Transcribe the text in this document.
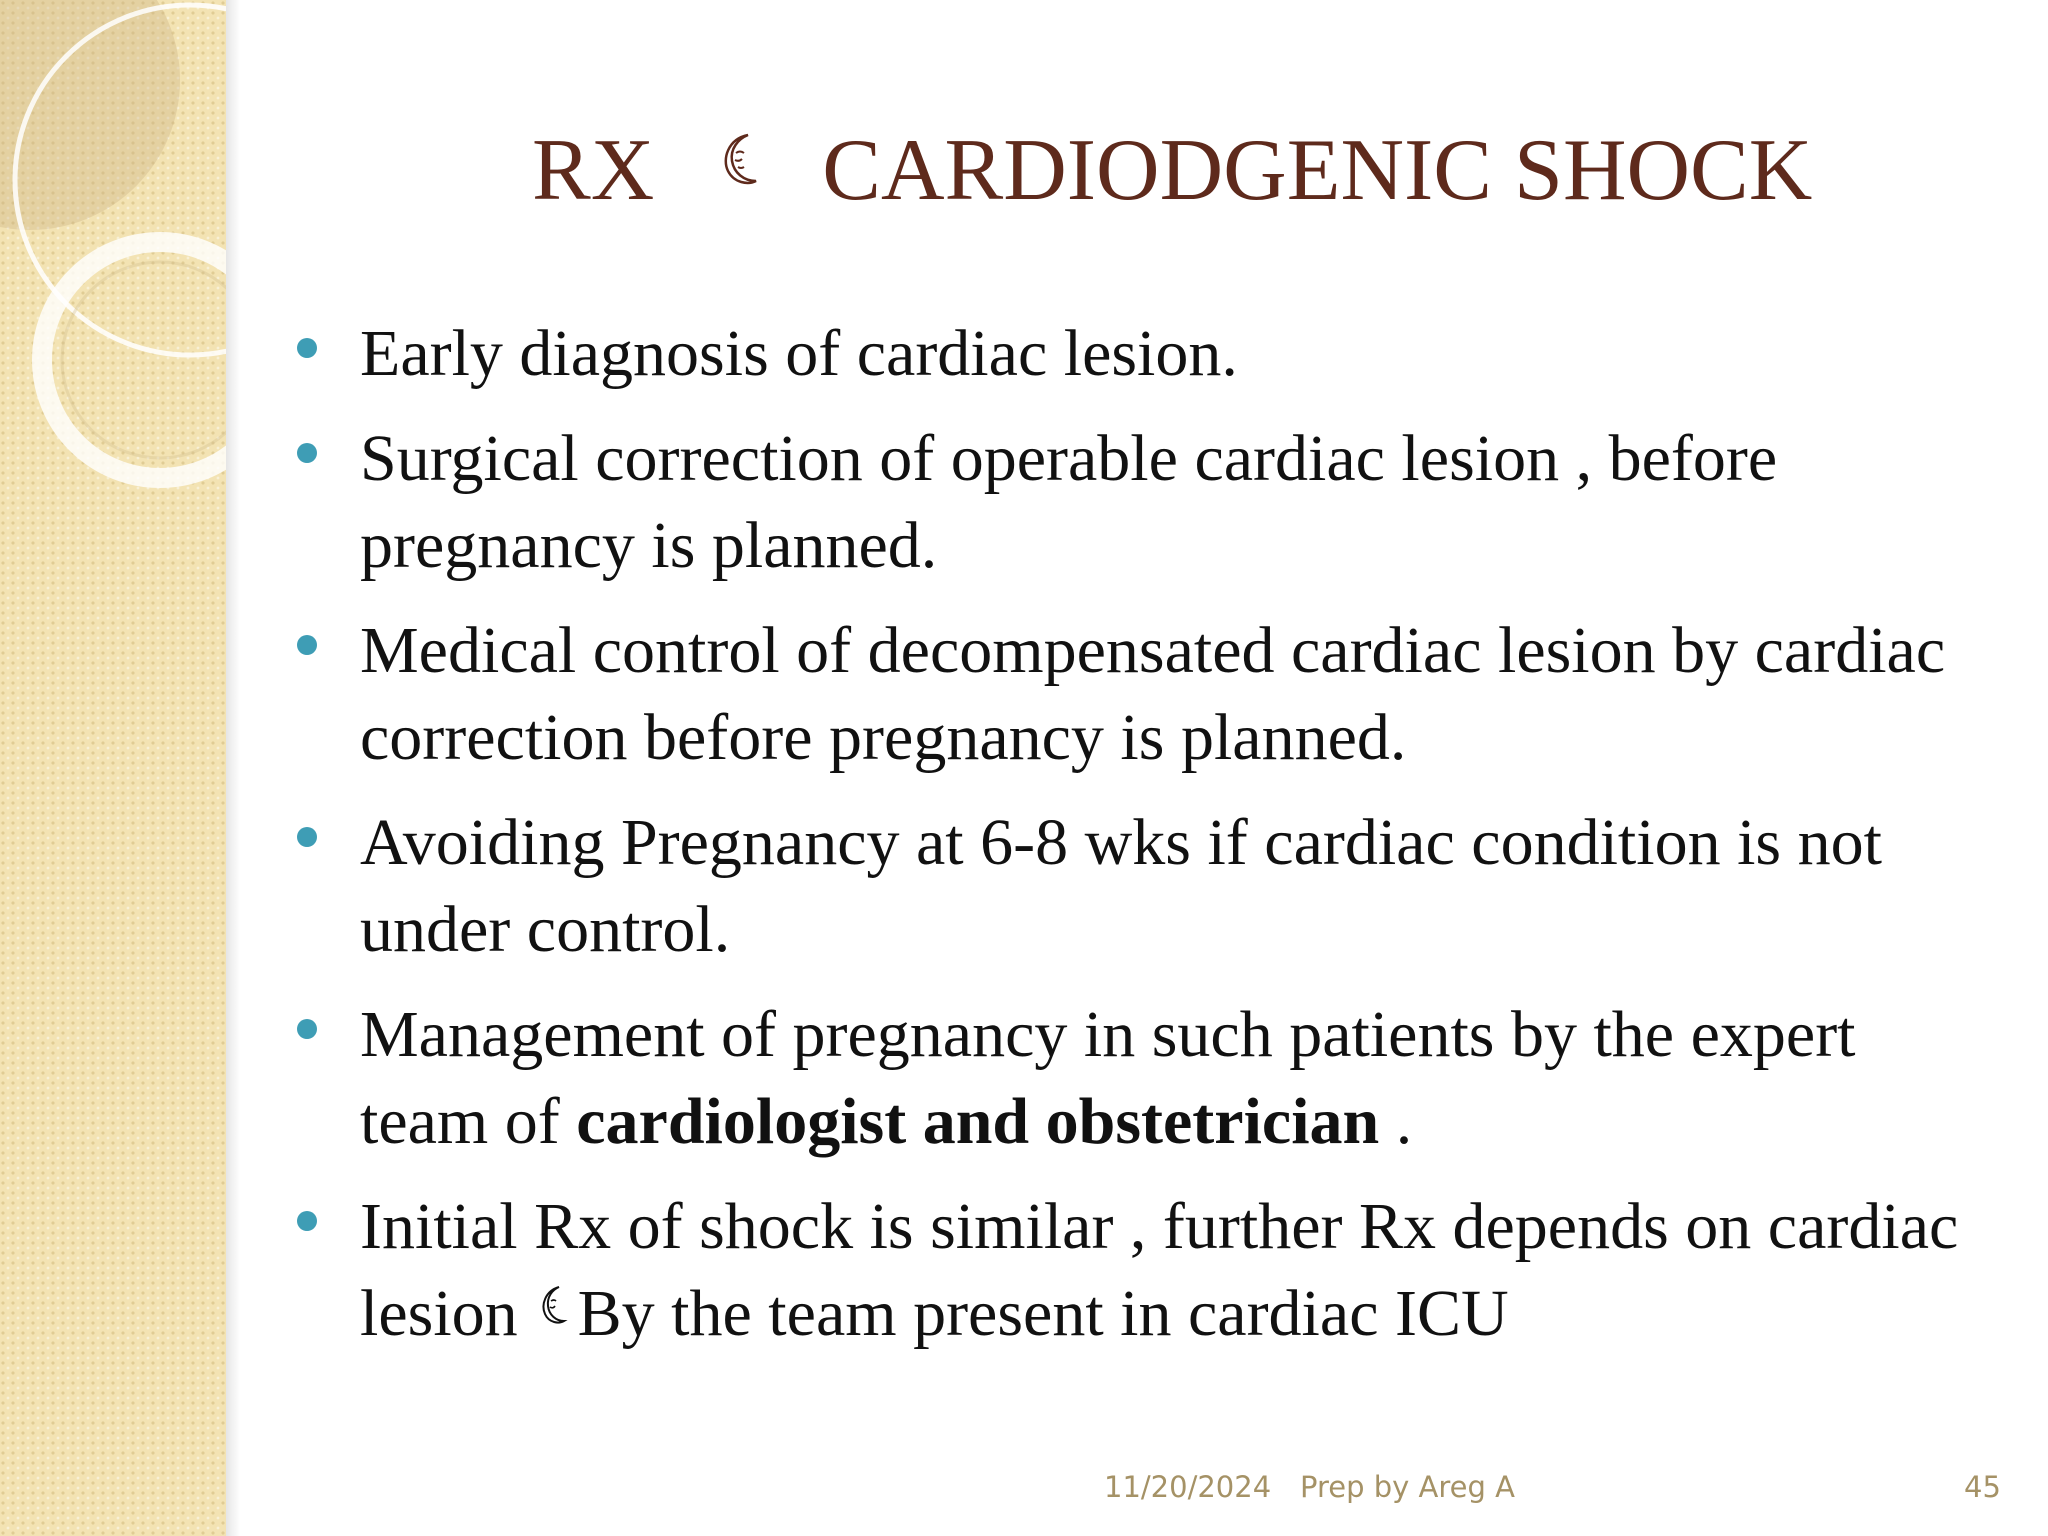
RX CARDIODGENIC SHOCK
Early diagnosis of cardiac lesion.
Surgical correction of operable cardiac lesion , before pregnancy is planned.
Medical control of decompensated cardiac lesion by cardiac correction before pregnancy is planned.
Avoiding Pregnancy at 6-8 wks if cardiac condition is not under control.
Management of pregnancy in such patients by the expert team of cardiologist and obstetrician .
Initial Rx of shock is similar , further Rx depends on cardiac lesion By the team present in cardiac ICU
11/20/2024 Prep by Areg A	45
